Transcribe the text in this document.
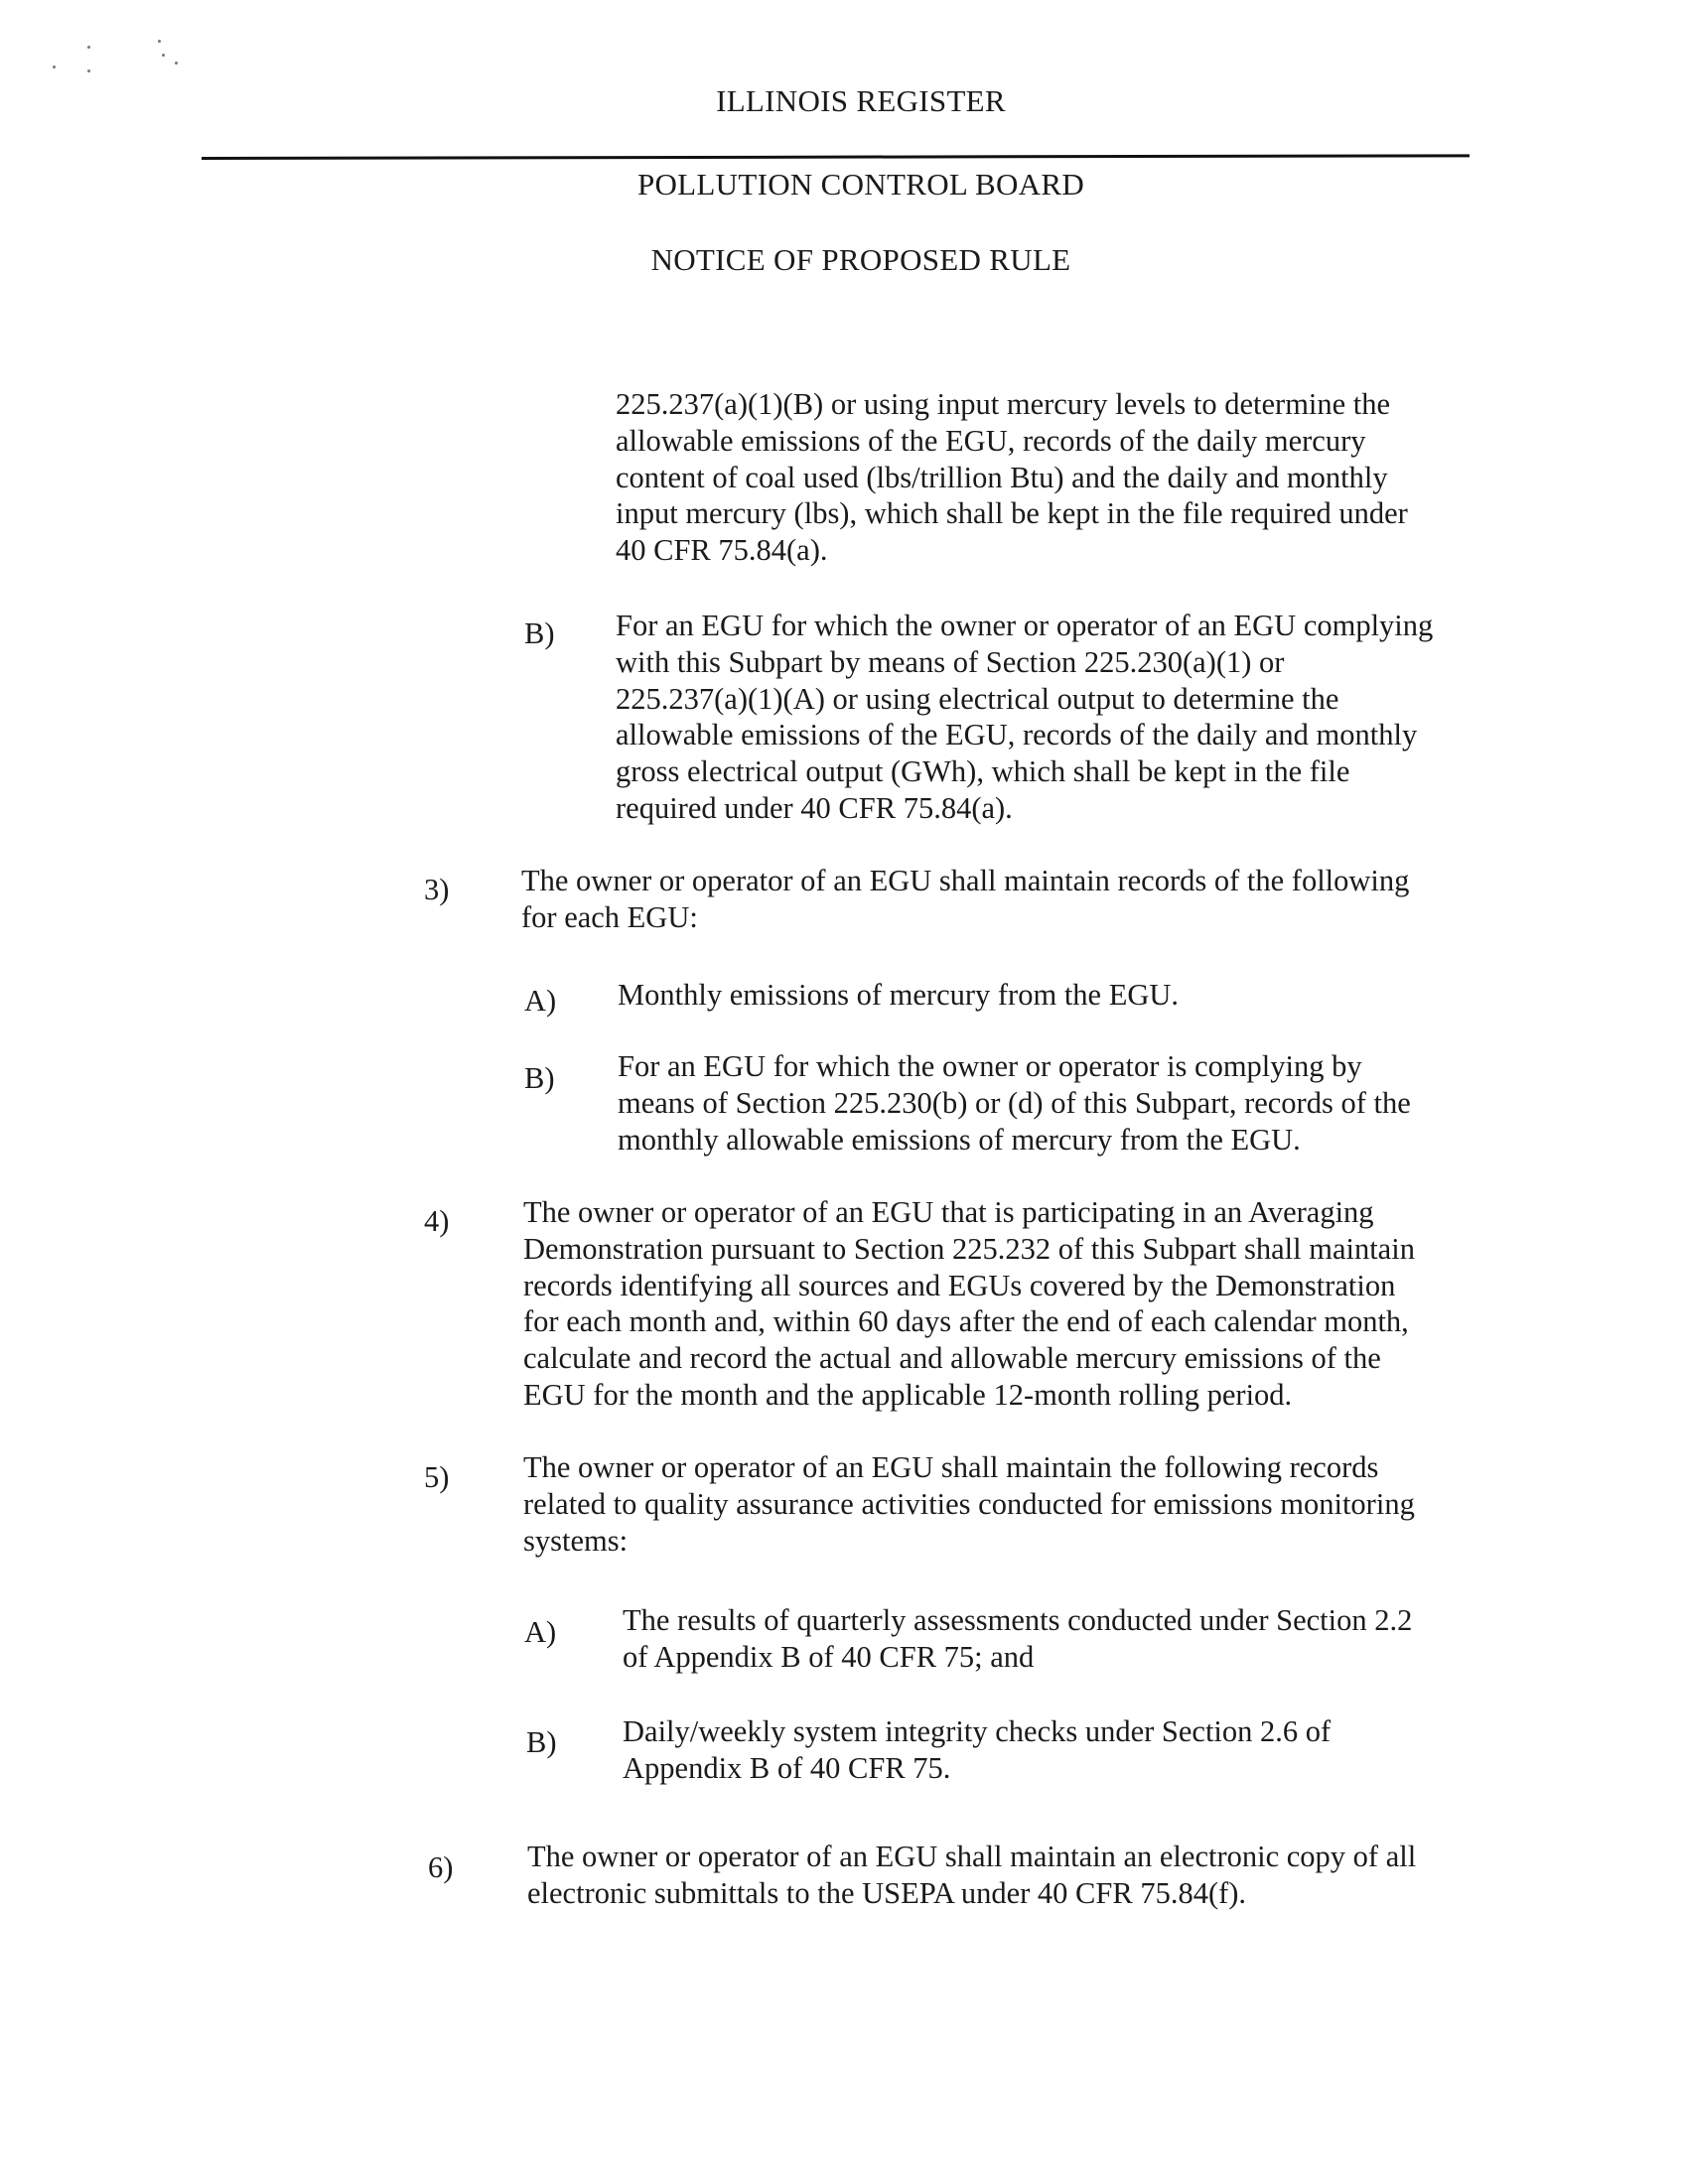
ILLINOIS REGISTER
POLLUTION CONTROL BOARD
NOTICE OF PROPOSED RULE
225.237(a)(1)(B) or using input mercury levels to determine the
allowable emissions of the EGU, records of the daily mercury
content of coal used (lbs/trillion Btu) and the daily and monthly
input mercury (lbs), which shall be kept in the file required under
40 CFR 75.84(a).
B) For an EGU for which the owner or operator of an EGU complying
with this Subpart by means of Section 225.230(a)(1) or
225.237(a)(1)(A) or using electrical output to determine the
allowable emissions of the EGU, records of the daily and monthly
gross electrical output (GWh), which shall be kept in the file
required under 40 CFR 75.84(a).
3) The owner or operator of an EGU shall maintain records of the following
for each EGU:
A) Monthly emissions of mercury from the EGU.
B) For an EGU for which the owner or operator is complying by
means of Section 225.230(b) or (d) of this Subpart, records of the
monthly allowable emissions of mercury from the EGU.
4) The owner or operator of an EGU that is participating in an Averaging
Demonstration pursuant to Section 225.232 of this Subpart shall maintain
records identifying all sources and EGUs covered by the Demonstration
for each month and, within 60 days after the end of each calendar month,
calculate and record the actual and allowable mercury emissions of the
EGU for the month and the applicable 12-month rolling period.
5) The owner or operator of an EGU shall maintain the following records
related to quality assurance activities conducted for emissions monitoring
systems:
A) The results of quarterly assessments conducted under Section 2.2
of Appendix B of 40 CFR 75; and
B) Daily/weekly system integrity checks under Section 2.6 of
Appendix B of 40 CFR 75.
6) The owner or operator of an EGU shall maintain an electronic copy of all
electronic submittals to the USEPA under 40 CFR 75.84(f).
